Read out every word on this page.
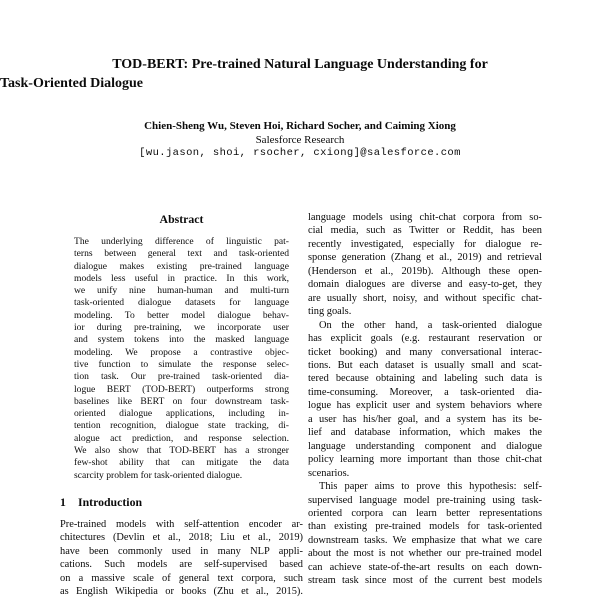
TOD-BERT: Pre-trained Natural Language Understanding for
Task-Oriented Dialogue
Chien-Sheng Wu, Steven Hoi, Richard Socher, and Caiming Xiong
Salesforce Research
[wu.jason, shoi, rsocher, cxiong]@salesforce.com
Abstract
The underlying difference of linguistic pat-
terns between general text and task-oriented
dialogue makes existing pre-trained language
models less useful in practice. In this work,
we unify nine human-human and multi-turn
task-oriented dialogue datasets for language
modeling. To better model dialogue behav-
ior during pre-training, we incorporate user
and system tokens into the masked language
modeling. We propose a contrastive objec-
tive function to simulate the response selec-
tion task. Our pre-trained task-oriented dia-
logue BERT (TOD-BERT) outperforms strong
baselines like BERT on four downstream task-
oriented dialogue applications, including in-
tention recognition, dialogue state tracking, di-
alogue act prediction, and response selection.
We also show that TOD-BERT has a stronger
few-shot ability that can mitigate the data
scarcity problem for task-oriented dialogue.
1 Introduction
Pre-trained models with self-attention encoder ar-
chitectures (Devlin et al., 2018; Liu et al., 2019)
have been commonly used in many NLP appli-
cations. Such models are self-supervised based
on a massive scale of general text corpora, such
as English Wikipedia or books (Zhu et al., 2015).
language models using chit-chat corpora from so-
cial media, such as Twitter or Reddit, has been
recently investigated, especially for dialogue re-
sponse generation (Zhang et al., 2019) and retrieval
(Henderson et al., 2019b). Although these open-
domain dialogues are diverse and easy-to-get, they
are usually short, noisy, and without specific chat-
ting goals.
On the other hand, a task-oriented dialogue
has explicit goals (e.g. restaurant reservation or
ticket booking) and many conversational interac-
tions. But each dataset is usually small and scat-
tered because obtaining and labeling such data is
time-consuming. Moreover, a task-oriented dia-
logue has explicit user and system behaviors where
a user has his/her goal, and a system has its be-
lief and database information, which makes the
language understanding component and dialogue
policy learning more important than those chit-chat
scenarios.
This paper aims to prove this hypothesis: self-
supervised language model pre-training using task-
oriented corpora can learn better representations
than existing pre-trained models for task-oriented
downstream tasks. We emphasize that what we care
about the most is not whether our pre-trained model
can achieve state-of-the-art results on each down-
stream task since most of the current best models
